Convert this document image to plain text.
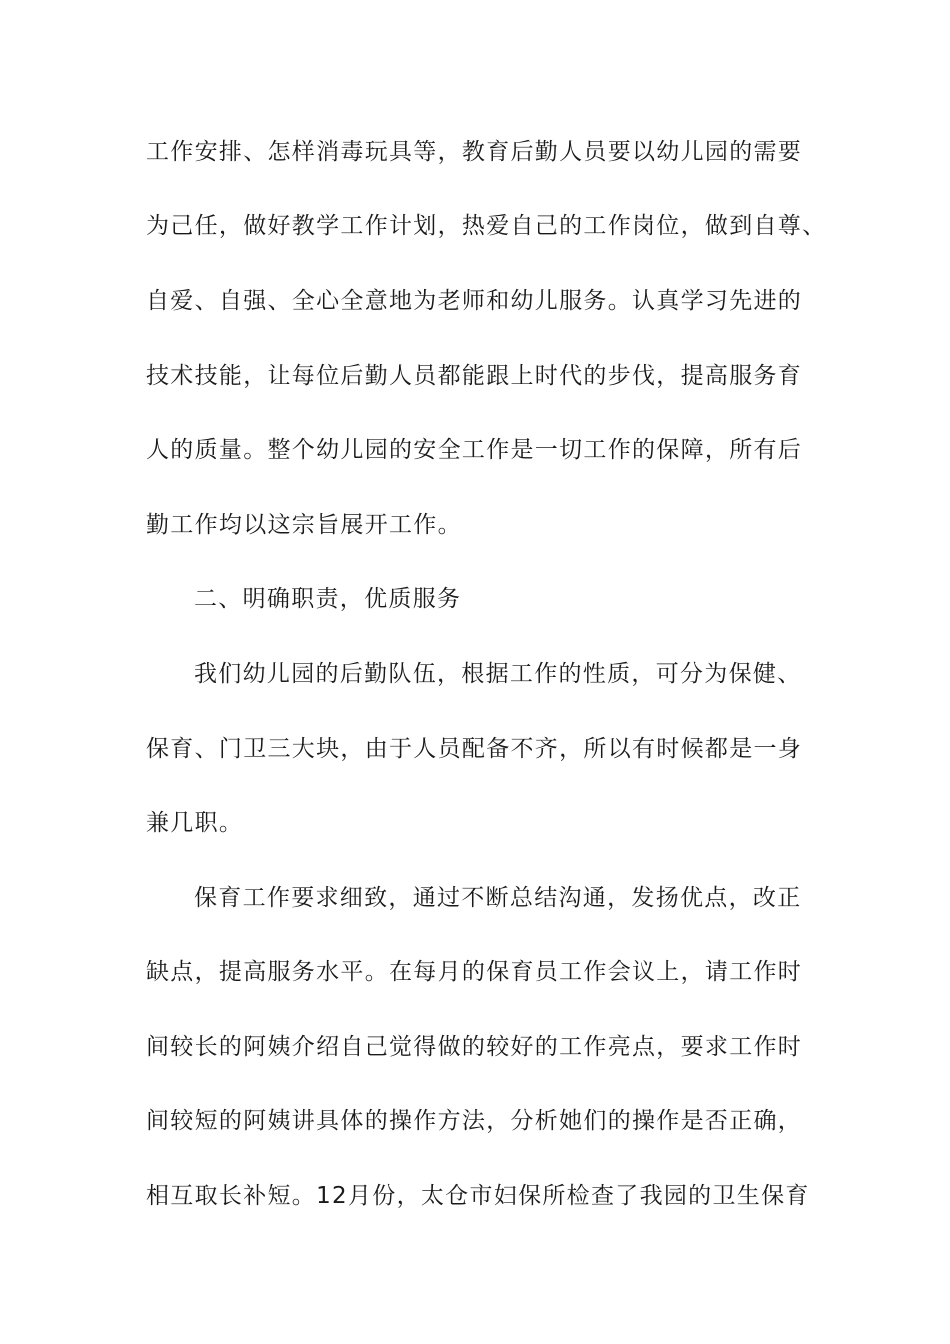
工作安排、怎样消毒玩具等，教育后勤人员要以幼儿园的需要
为己任，做好教学工作计划，热爱自己的工作岗位，做到自尊、
自爱、自强、全心全意地为老师和幼儿服务。认真学习先进的
技术技能，让每位后勤人员都能跟上时代的步伐，提高服务育
人的质量。整个幼儿园的安全工作是一切工作的保障，所有后
勤工作均以这宗旨展开工作。
二、明确职责，优质服务
我们幼儿园的后勤队伍，根据工作的性质，可分为保健、
保育、门卫三大块，由于人员配备不齐，所以有时候都是一身
兼几职。
保育工作要求细致，通过不断总结沟通，发扬优点，改正
缺点，提高服务水平。在每月的保育员工作会议上，请工作时
间较长的阿姨介绍自己觉得做的较好的工作亮点，要求工作时
间较短的阿姨讲具体的操作方法，分析她们的操作是否正确，
相互取长补短。12月份，太仓市妇保所检查了我园的卫生保育
